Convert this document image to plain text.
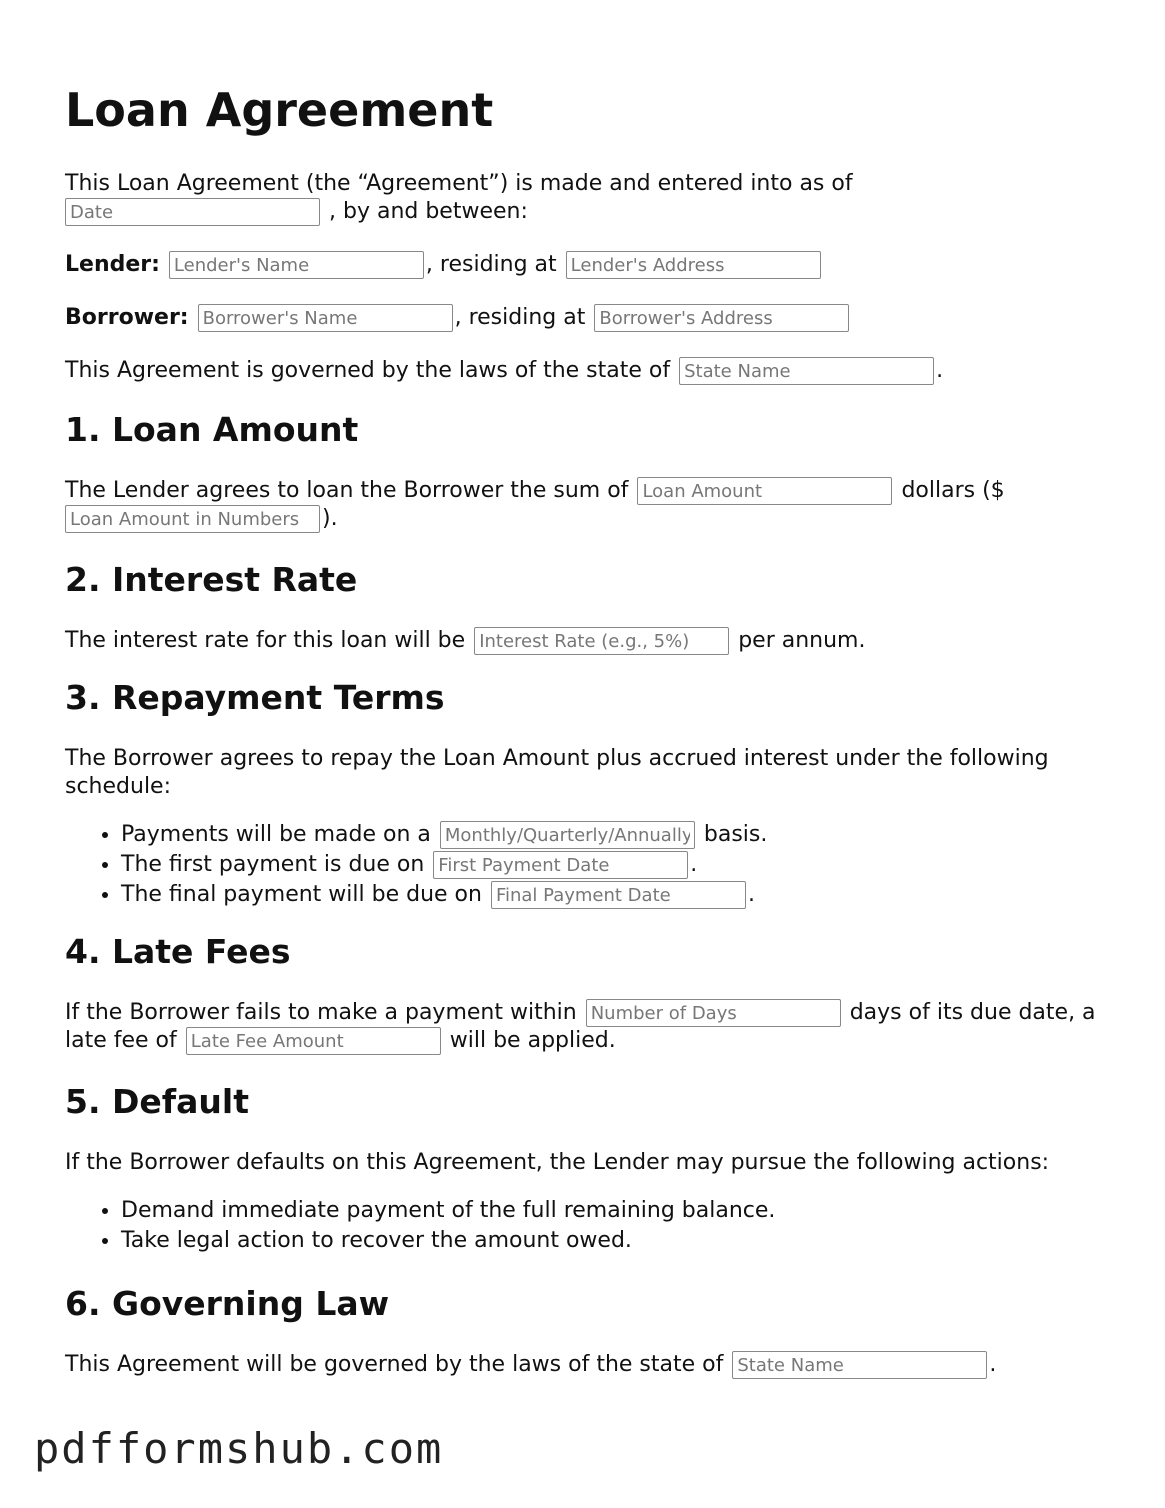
Loan Agreement

This Loan Agreement (the “Agreement”) is made and entered into as of Date , by and between:

Lender: Lender's Name	, residing at Lender's Address

Borrower: Borrower's Name	, residing at Borrower's Address

This Agreement is governed by the laws of the state of State Name	.

1. Loan Amount

The Lender agrees to loan the Borrower the sum of Loan Amount	dollars ($ Loan Amount in Numbers).

2. Interest Rate

The interest rate for this loan will be Interest Rate (e.g., 5%)	per annum.

3. Repayment Terms

The Borrower agrees to repay the Loan Amount plus accrued interest under the following schedule:

• Payments will be made on a Monthly/Quarterly/Annually	basis.
• The first payment is due on First Payment Date	.
• The final payment will be due on Final Payment Date	.
4. Late Fees

If the Borrower fails to make a payment within Number of Days	days of its due date, a late fee of Late Fee Amount	will be applied.

5. Default

If the Borrower defaults on this Agreement, the Lender may pursue the following actions:

• Demand immediate payment of the full remaining balance.
• Take legal action to recover the amount owed.
6. Governing Law

This Agreement will be governed by the laws of the state of State Name	.

pdfformshub.com
